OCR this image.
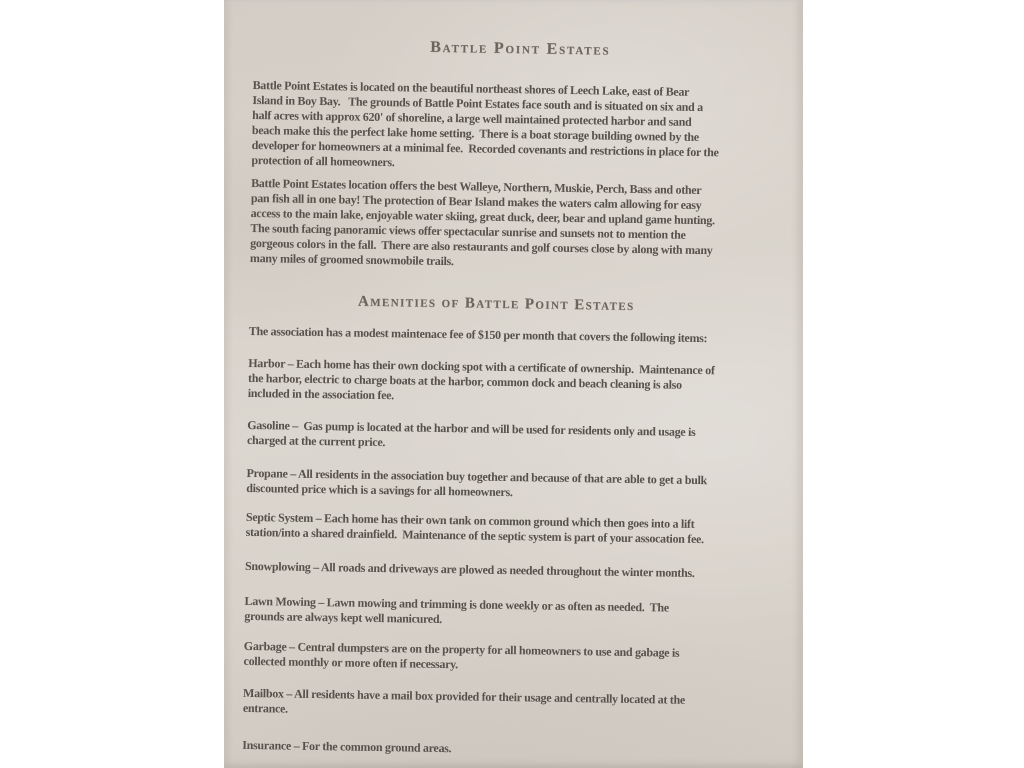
Battle Point Estates

Battle Point Estates is located on the beautiful northeast shores of Leech Lake, east of Bear
Island in Boy Bay.   The grounds of Battle Point Estates face south and is situated on six and a
half acres with approx 620' of shoreline, a large well maintained protected harbor and sand
beach make this the perfect lake home setting.  There is a boat storage building owned by the
developer for homeowners at a minimal fee.  Recorded covenants and restrictions in place for the
protection of all homeowners.

Battle Point Estates location offers the best Walleye, Northern, Muskie, Perch, Bass and other
pan fish all in one bay! The protection of Bear Island makes the waters calm allowing for easy
access to the main lake, enjoyable water skiing, great duck, deer, bear and upland game hunting.
The south facing panoramic views offer spectacular sunrise and sunsets not to mention the
gorgeous colors in the fall.  There are also restaurants and golf courses close by along with many
many miles of groomed snowmobile trails.

Amenities of Battle Point Estates

The association has a modest maintenace fee of $150 per month that covers the following items:

Harbor – Each home has their own docking spot with a certificate of ownership.  Maintenance of
the harbor, electric to charge boats at the harbor, common dock and beach cleaning is also
included in the association fee.

Gasoline –  Gas pump is located at the harbor and will be used for residents only and usage is
charged at the current price.

Propane – All residents in the association buy together and because of that are able to get a bulk
discounted price which is a savings for all homeowners.

Septic System – Each home has their own tank on common ground which then goes into a lift
station/into a shared drainfield.  Maintenance of the septic system is part of your assocation fee.

Snowplowing – All roads and driveways are plowed as needed throughout the winter months.

Lawn Mowing – Lawn mowing and trimming is done weekly or as often as needed.  The
grounds are always kept well manicured.

Garbage – Central dumpsters are on the property for all homeowners to use and gabage is
collected monthly or more often if necessary.

Mailbox – All residents have a mail box provided for their usage and centrally located at the
entrance.

Insurance – For the common ground areas.
